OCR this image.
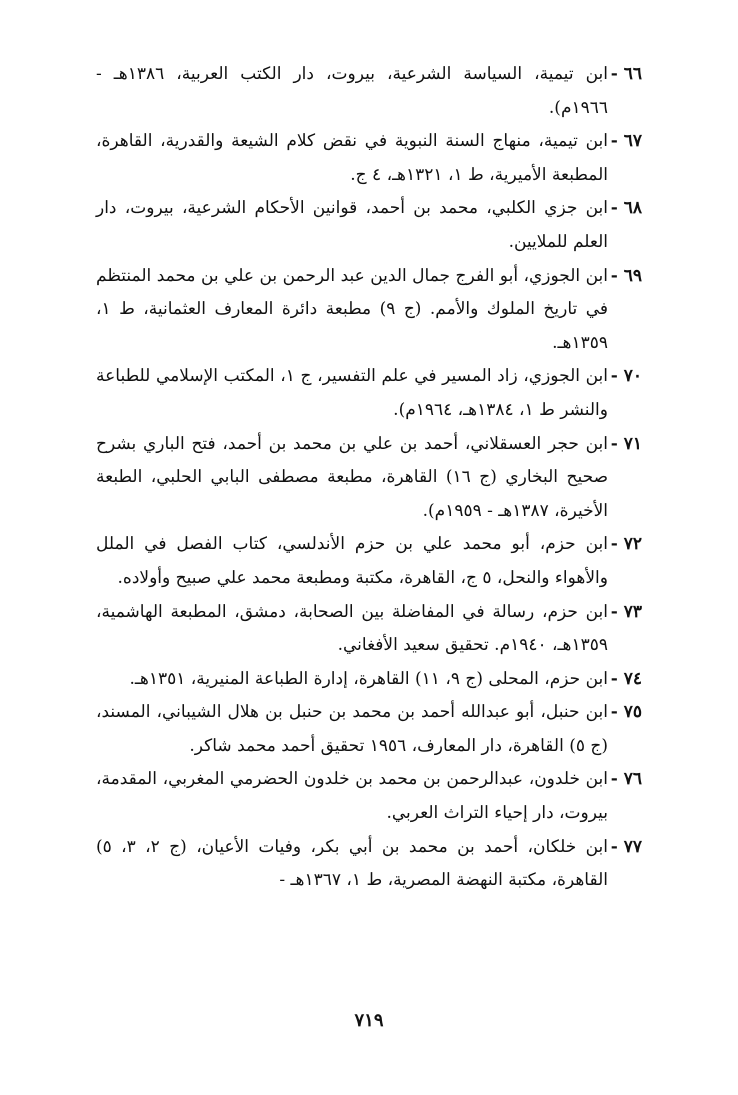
٦٦ -
ابن تيمية، السياسة الشرعية، بيروت، دار الكتب العربية، ١٣٨٦هـ - ١٩٦٦م).
٦٧ -
ابن تيمية، منهاج السنة النبوية في نقض كلام الشيعة والقدرية، القاهرة، المطبعة الأميرية، ط ١، ١٣٢١هـ، ٤ ج.
٦٨ -
ابن جزي الكلبي، محمد بن أحمد، قوانين الأحكام الشرعية، بيروت، دار العلم للملايين.
٦٩ -
ابن الجوزي، أبو الفرج جمال الدين عبد الرحمن بن علي بن محمد المنتظم في تاريخ الملوك والأمم. (ج ٩) مطبعة دائرة المعارف العثمانية، ط ١، ١٣٥٩هـ.
٧٠ -
ابن الجوزي، زاد المسير في علم التفسير، ج ١، المكتب الإسلامي للطباعة والنشر ط ١، ١٣٨٤هـ، ١٩٦٤م).
٧١ -
ابن حجر العسقلاني، أحمد بن علي بن محمد بن أحمد، فتح الباري بشرح صحيح البخاري (ج ١٦) القاهرة، مطبعة مصطفى البابي الحلبي، الطبعة الأخيرة، ١٣٨٧هـ - ١٩٥٩م).
٧٢ -
ابن حزم، أبو محمد علي بن حزم الأندلسي، كتاب الفصل في الملل والأهواء والنحل، ٥ ج، القاهرة، مكتبة ومطبعة محمد علي صبيح وأولاده.
٧٣ -
ابن حزم، رسالة في المفاضلة بين الصحابة، دمشق، المطبعة الهاشمية، ١٣٥٩هـ، ١٩٤٠م. تحقيق سعيد الأفغاني.
٧٤ -
ابن حزم، المحلى (ج ٩، ١١) القاهرة، إدارة الطباعة المنيرية، ١٣٥١هـ.
٧٥ -
ابن حنبل، أبو عبدالله أحمد بن محمد بن حنبل بن هلال الشيباني، المسند، (ج ٥) القاهرة، دار المعارف، ١٩٥٦ تحقيق أحمد محمد شاكر.
٧٦ -
ابن خلدون، عبدالرحمن بن محمد بن خلدون الحضرمي المغربي، المقدمة، بيروت، دار إحياء التراث العربي.
٧٧ -
ابن خلكان، أحمد بن محمد بن أبي بكر، وفيات الأعيان، (ج ٢، ٣، ٥) القاهرة، مكتبة النهضة المصرية، ط ١، ١٣٦٧هـ -
٧١٩
